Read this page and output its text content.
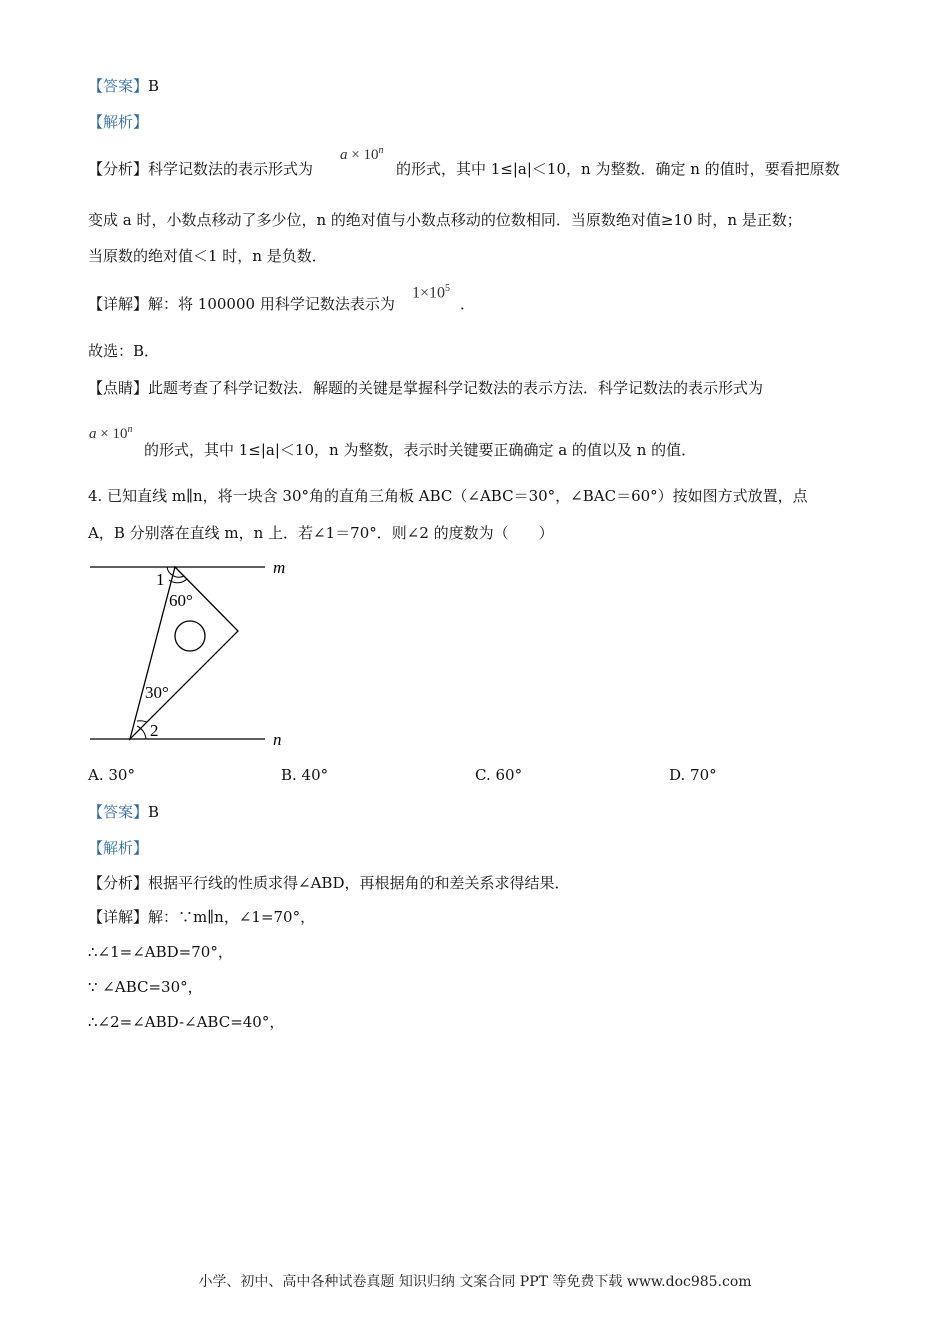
【答案】B
【解析】
【分析】科学记数法的表示形式为
$a \times 10^n$
的形式，其中 1≤|a|＜10，n 为整数．确定 n 的值时，要看把原数
变成 a 时，小数点移动了多少位，n 的绝对值与小数点移动的位数相同．当原数绝对值≥10 时，n 是正数；
当原数的绝对值＜1 时，n 是负数．
【详解】解：将 100000 用科学记数法表示为
$1\times 10^5$
．
故选：B．
【点睛】此题考查了科学记数法．解题的关键是掌握科学记数法的表示方法．科学记数法的表示形式为
$a \times 10^n$
的形式，其中 1≤|a|＜10，n 为整数，表示时关键要正确确定 a 的值以及 n 的值．
4. 已知直线 m∥n，将一块含 30°角的直角三角板 ABC（∠ABC＝30°，∠BAC＝60°）按如图方式放置，点
A，B 分别落在直线 m，n 上．若∠1＝70°．则∠2 的度数为（　　）
m
n
1
60°
30°
2
A. 30°	B. 40°	C. 60°	D. 70°
【答案】B
【解析】
【分析】根据平行线的性质求得∠ABD，再根据角的和差关系求得结果．
【详解】解：∵m∥n，∠1=70°，
∴∠1=∠ABD=70°，
∵ ∠ABC=30°，
∴∠2=∠ABD-∠ABC=40°，
小学、初中、高中各种试卷真题 知识归纳 文案合同 PPT 等免费下载 www.doc985.com
